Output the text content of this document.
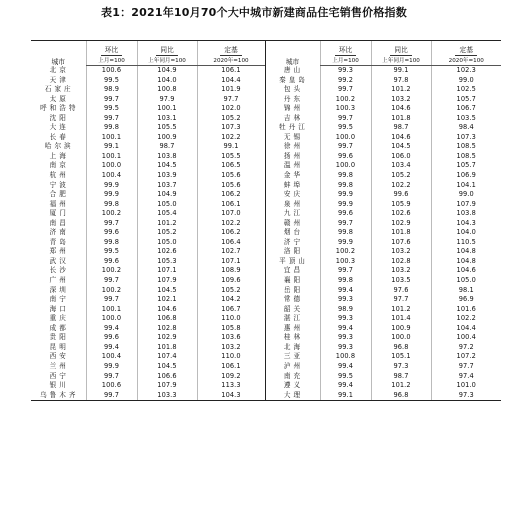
表1：2021年10月70个大中城市新建商品住宅销售价格指数
城市	环比	同比	定基	城市	环比	同比	定基
	上月=100	上年同月=100	2020年=100		上月=100	上年同月=100	2020年=100
北京	100.6	104.9	106.1	唐山	99.3	99.1	102.3
天津	99.5	104.0	104.4	秦皇岛	99.2	97.8	99.0
石家庄	98.9	100.8	101.9	包头	99.7	101.2	102.5
太原	99.7	97.9	97.7	丹东	100.2	103.2	105.7
呼和浩特	99.5	100.1	102.0	锦州	100.3	104.6	106.7
沈阳	99.7	103.1	105.2	吉林	99.7	101.8	103.5
大连	99.8	105.5	107.3	牡丹江	99.5	98.7	98.4
长春	100.1	100.9	102.2	无锡	100.0	104.6	107.3
哈尔滨	99.1	98.7	99.1	徐州	99.7	104.5	108.5
上海	100.1	103.8	105.5	扬州	99.6	106.0	108.5
南京	100.0	104.5	106.5	温州	100.0	103.4	105.7
杭州	100.4	103.9	105.6	金华	99.8	105.2	106.9
宁波	99.9	103.7	105.6	蚌埠	99.8	102.2	104.1
合肥	99.9	104.9	106.2	安庆	99.9	99.6	99.0
福州	99.8	105.0	106.1	泉州	99.9	105.9	107.9
厦门	100.2	105.4	107.0	九江	99.6	102.6	103.8
南昌	99.7	101.2	102.2	赣州	99.7	102.9	104.3
济南	99.6	105.2	106.2	烟台	99.8	101.8	104.0
青岛	99.8	105.0	106.4	济宁	99.9	107.6	110.5
郑州	99.5	102.6	102.7	洛阳	100.2	103.2	104.8
武汉	99.6	105.3	107.1	平顶山	100.3	102.8	104.8
长沙	100.2	107.1	108.9	宜昌	99.7	103.2	104.6
广州	99.7	107.9	109.6	襄阳	99.8	103.5	105.0
深圳	100.2	104.5	105.2	岳阳	99.4	97.6	98.1
南宁	99.7	102.1	104.2	常德	99.3	97.7	96.9
海口	100.1	104.6	106.7	韶关	98.9	101.2	101.6
重庆	100.0	106.8	110.0	湛江	99.3	101.4	102.2
成都	99.4	102.8	105.8	惠州	99.4	100.9	104.4
贵阳	99.6	102.9	103.6	桂林	99.3	100.0	100.4
昆明	99.4	101.8	103.2	北海	99.3	96.8	97.2
西安	100.4	107.4	110.0	三亚	100.8	105.1	107.2
兰州	99.9	104.5	106.1	泸州	99.4	97.3	97.7
西宁	99.7	106.6	109.2	南充	99.5	98.7	97.4
银川	100.6	107.9	113.3	遵义	99.4	101.2	101.0
乌鲁木齐	99.7	103.3	104.3	大理	99.1	96.8	97.3
